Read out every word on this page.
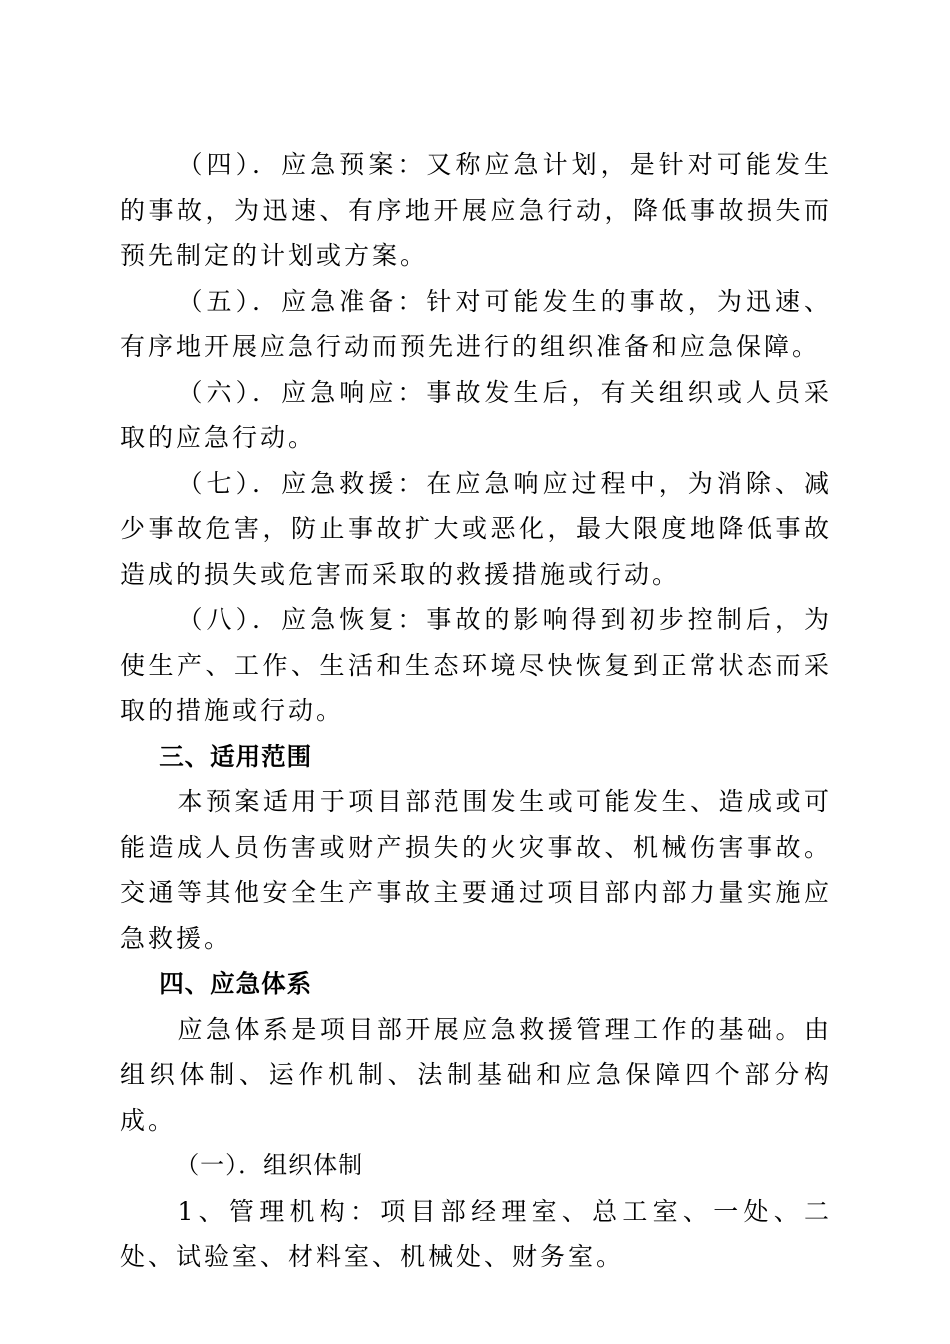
（四）．应急预案：又称应急计划，是针对可能发生的事故，为迅速、有序地开展应急行动，降低事故损失而预先制定的计划或方案。

（五）．应急准备：针对可能发生的事故，为迅速、有序地开展应急行动而预先进行的组织准备和应急保障。

（六）．应急响应：事故发生后，有关组织或人员采取的应急行动。

（七）．应急救援：在应急响应过程中，为消除、减少事故危害，防止事故扩大或恶化，最大限度地降低事故造成的损失或危害而采取的救援措施或行动。

（八）．应急恢复：事故的影响得到初步控制后，为使生产、工作、生活和生态环境尽快恢复到正常状态而采取的措施或行动。

三、适用范围

本预案适用于项目部范围发生或可能发生、造成或可能造成人员伤害或财产损失的火灾事故、机械伤害事故。交通等其他安全生产事故主要通过项目部内部力量实施应急救援。

四、应急体系

应急体系是项目部开展应急救援管理工作的基础。由组织体制、运作机制、法制基础和应急保障四个部分构成。

（一）．组织体制

1、管理机构：项目部经理室、总工室、一处、二处、试验室、材料室、机械处、财务室。
